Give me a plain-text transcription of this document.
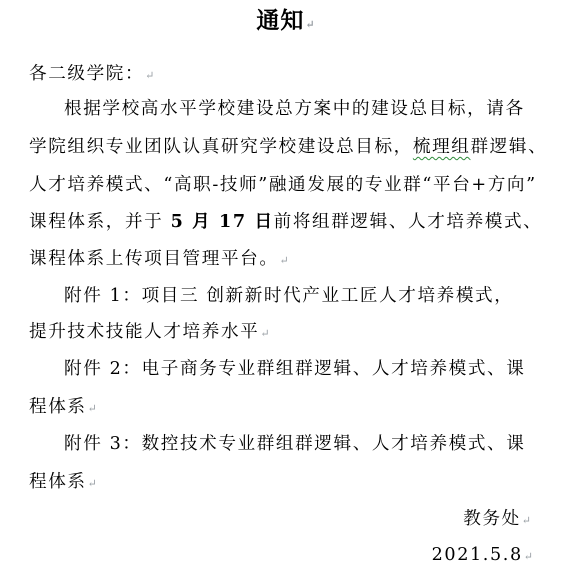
通知↵
各二级学院：↵
根据学校高水平学校建设总方案中的建设总目标，请各
学院组织专业团队认真研究学校建设总目标，梳理组群逻辑、
人才培养模式、“高职-技师”融通发展的专业群“平台+方向”
课程体系，并于 5 月 17 日前将组群逻辑、人才培养模式、
课程体系上传项目管理平台。↵
附件 1：项目三 创新新时代产业工匠人才培养模式，
提升技术技能人才培养水平↵
附件 2：电子商务专业群组群逻辑、人才培养模式、课
程体系↵
附件 3：数控技术专业群组群逻辑、人才培养模式、课
程体系↵
教务处↵
2021.5.8↵
